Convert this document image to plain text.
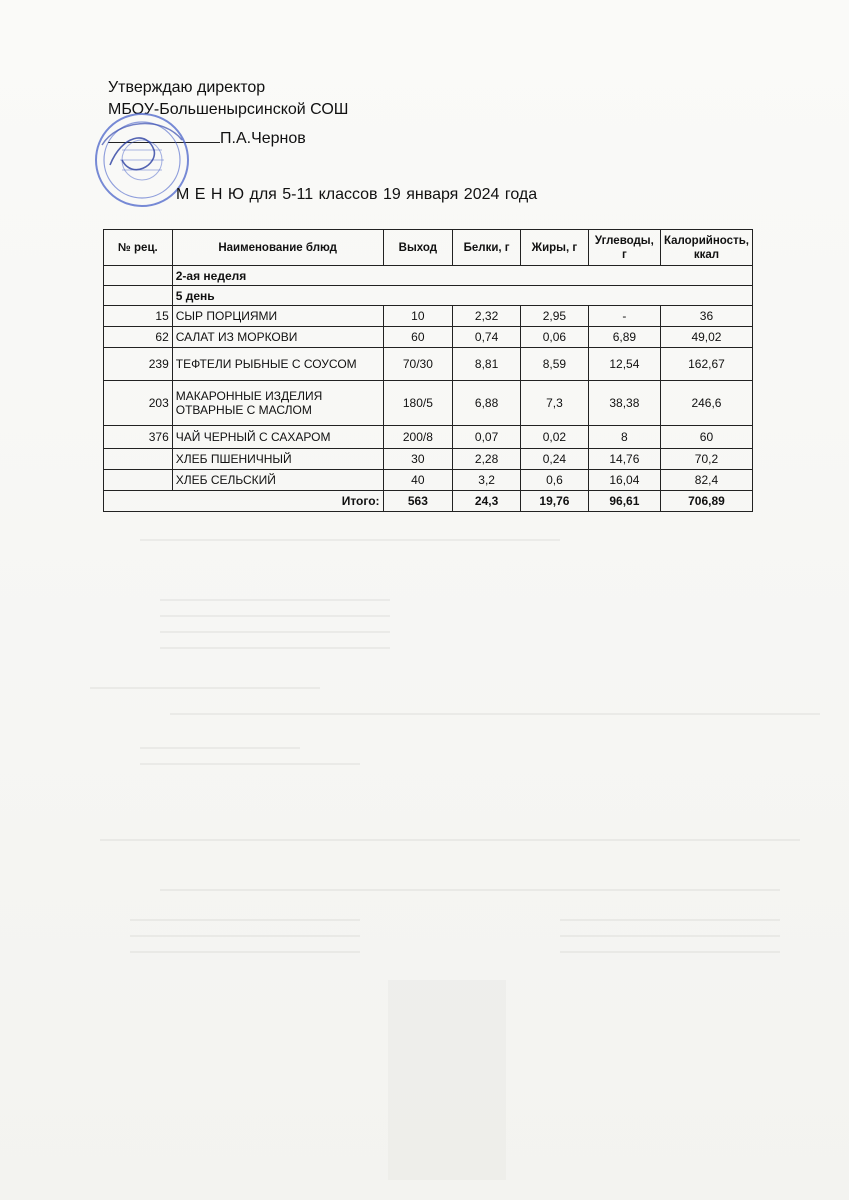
Утверждаю директор
МБОУ-Большенырсинской СОШ
П.А.Чернов
М Е Н Ю для 5-11 классов 19 января 2024 года
№ рец.	Наименование блюд	Выход	Белки, г	Жиры, г	Углеводы, г	Калорийность, ккал
	2-ая неделя					
	5 день					
15	СЫР ПОРЦИЯМИ	10	2,32	2,95	-	36
62	САЛАТ ИЗ МОРКОВИ	60	0,74	0,06	6,89	49,02
239	ТЕФТЕЛИ РЫБНЫЕ С СОУСОМ	70/30	8,81	8,59	12,54	162,67
203	МАКАРОННЫЕ ИЗДЕЛИЯ ОТВАРНЫЕ С МАСЛОМ	180/5	6,88	7,3	38,38	246,6
376	ЧАЙ ЧЕРНЫЙ С САХАРОМ	200/8	0,07	0,02	8	60
	ХЛЕБ ПШЕНИЧНЫЙ	30	2,28	0,24	14,76	70,2
	ХЛЕБ СЕЛЬСКИЙ	40	3,2	0,6	16,04	82,4
Итого:		563	24,3	19,76	96,61	706,89
